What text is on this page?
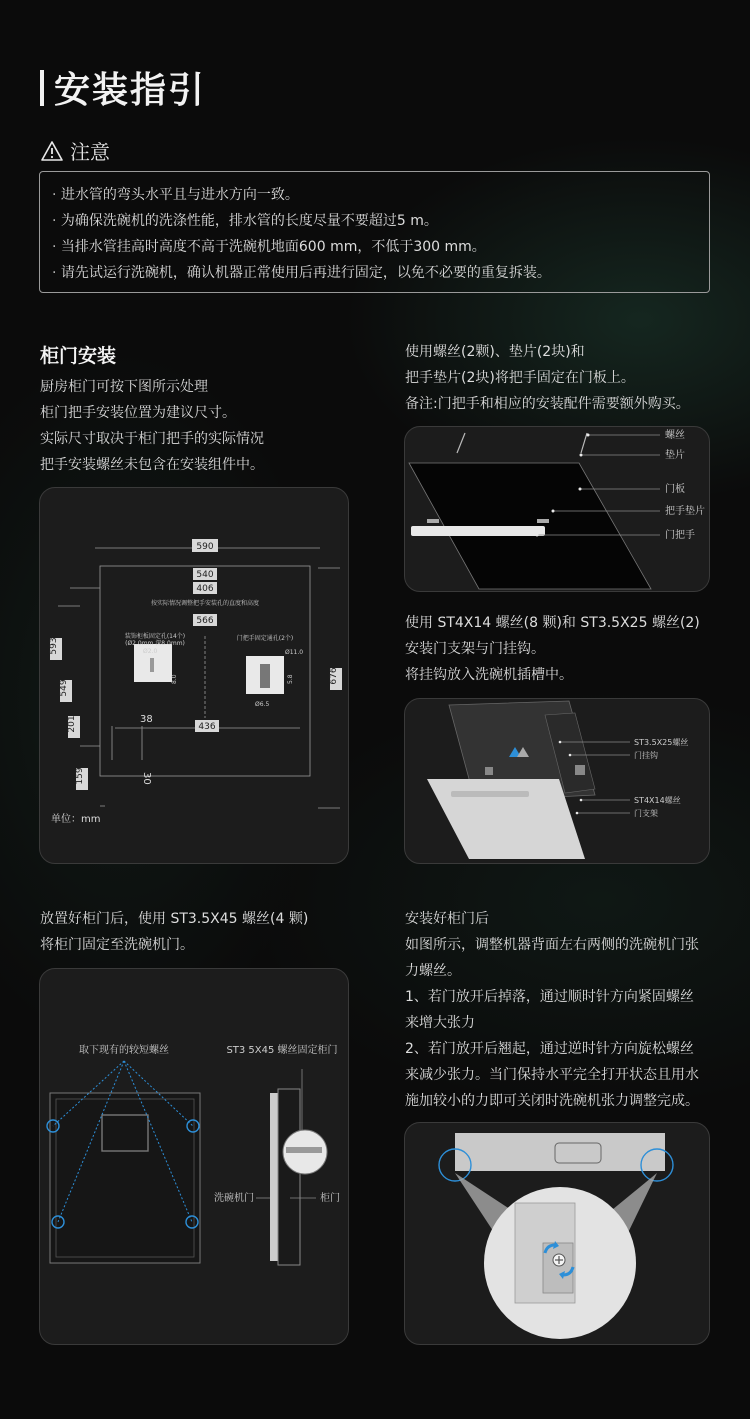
安装指引
注意
· 进水管的弯头水平且与进水方向一致。
· 为确保洗碗机的洗涤性能，排水管的长度尽量不要超过5 m。
· 当排水管挂高时高度不高于洗碗机地面600 mm，不低于300 mm。
· 请先试运行洗碗机，确认机器正常使用后再进行固定，以免不必要的重复拆装。
柜门安装
厨房柜门可按下图所示处理
柜门把手安装位置为建议尺寸。
实际尺寸取决于柜门把手的实际情况
把手安装螺丝未包含在安装组件中。
590
540
406
566
593
549
201
159
676
436
38
30
按实际情况调整把手安装孔的直度和高度
装饰柜板固定孔(14个)
(Ø2.0mm 深8.0mm)
Ø2.0
8.0
门把手固定通孔(2个)
Ø11.0
Ø6.5
5.8
单位：mm
使用螺丝(2颗)、垫片(2块)和
把手垫片(2块)将把手固定在门板上。
备注:门把手和相应的安装配件需要额外购买。
螺丝
垫片
门板
把手垫片
门把手
使用 ST4X14 螺丝(8 颗)和 ST3.5X25 螺丝(2)
安装门支架与门挂钩。
将挂钩放入洗碗机插槽中。
ST3.5X25螺丝
门挂钩
ST4X14螺丝
门支架
放置好柜门后，使用 ST3.5X45 螺丝(4 颗)
将柜门固定至洗碗机门。
取下现有的较短螺丝	ST3 5X45 螺丝固定柜门
洗碗机门	柜门
安装好柜门后
如图所示，调整机器背面左右两侧的洗碗机门张
力螺丝。
1、若门放开后掉落，通过顺时针方向紧固螺丝
来增大张力
2、若门放开后翘起，通过逆时针方向旋松螺丝
来减少张力。当门保持水平完全打开状态且用水
施加较小的力即可关闭时洗碗机张力调整完成。
